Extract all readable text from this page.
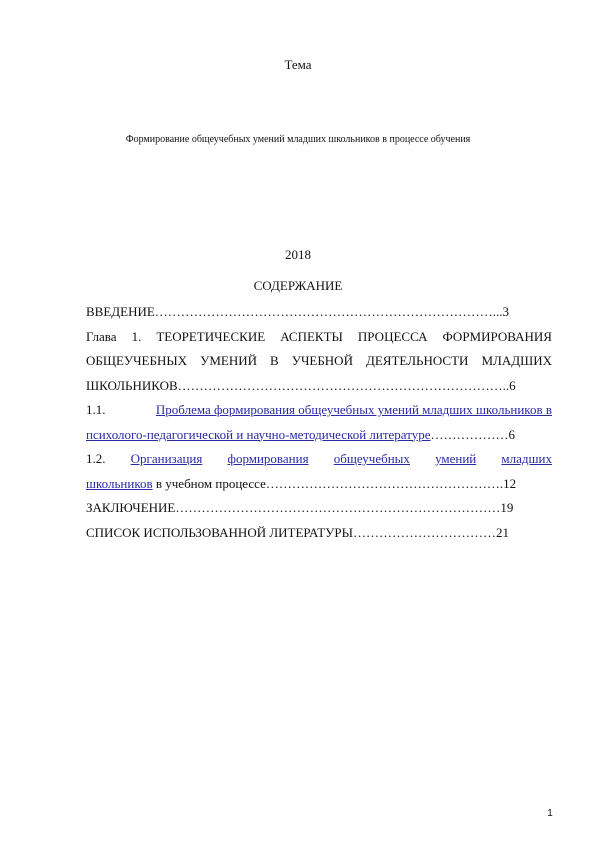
Тема
Формирование общеучебных умений младших школьников в процессе обучения
2018
СОДЕРЖАНИЕ
ВВЕДЕНИЕ……………………………………………………………………...3
Глава 1. ТЕОРЕТИЧЕСКИЕ АСПЕКТЫ ПРОЦЕССА ФОРМИРОВАНИЯ
ОБЩЕУЧЕБНЫХ УМЕНИЙ В УЧЕБНОЙ ДЕЯТЕЛЬНОСТИ МЛАДШИХ
ШКОЛЬНИКОВ…………………………………………………………………..6
1.1.	Проблема формирования общеучебных умений младших школьников в
психолого-педагогической и научно-методической литературе………………6
1.2. Организация формирования общеучебных умений младших
школьников в учебном процессе……………………………………………….12
ЗАКЛЮЧЕНИЕ…………………………………………………………………19
СПИСОК ИСПОЛЬЗОВАННОЙ ЛИТЕРАТУРЫ……………………………21
1
